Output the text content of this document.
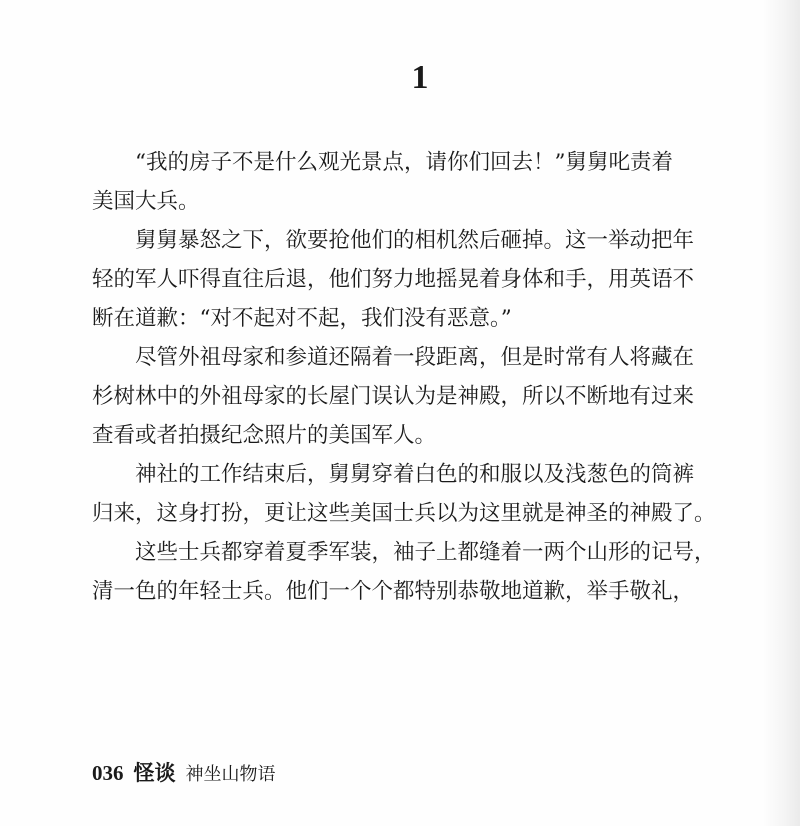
1

“我的房子不是什么观光景点，请你们回去！”舅舅叱责着
美国大兵。

舅舅暴怒之下，欲要抢他们的相机然后砸掉。这一举动把年
轻的军人吓得直往后退，他们努力地摇晃着身体和手，用英语不
断在道歉：“对不起对不起，我们没有恶意。”

尽管外祖母家和参道还隔着一段距离，但是时常有人将藏在
杉树林中的外祖母家的长屋门误认为是神殿，所以不断地有过来
查看或者拍摄纪念照片的美国军人。

神社的工作结束后，舅舅穿着白色的和服以及浅葱色的筒裤
归来，这身打扮，更让这些美国士兵以为这里就是神圣的神殿了。

这些士兵都穿着夏季军装，袖子上都缝着一两个山形的记号，
清一色的年轻士兵。他们一个个都特别恭敬地道歉，举手敬礼，

036 怪谈 神坐山物语
